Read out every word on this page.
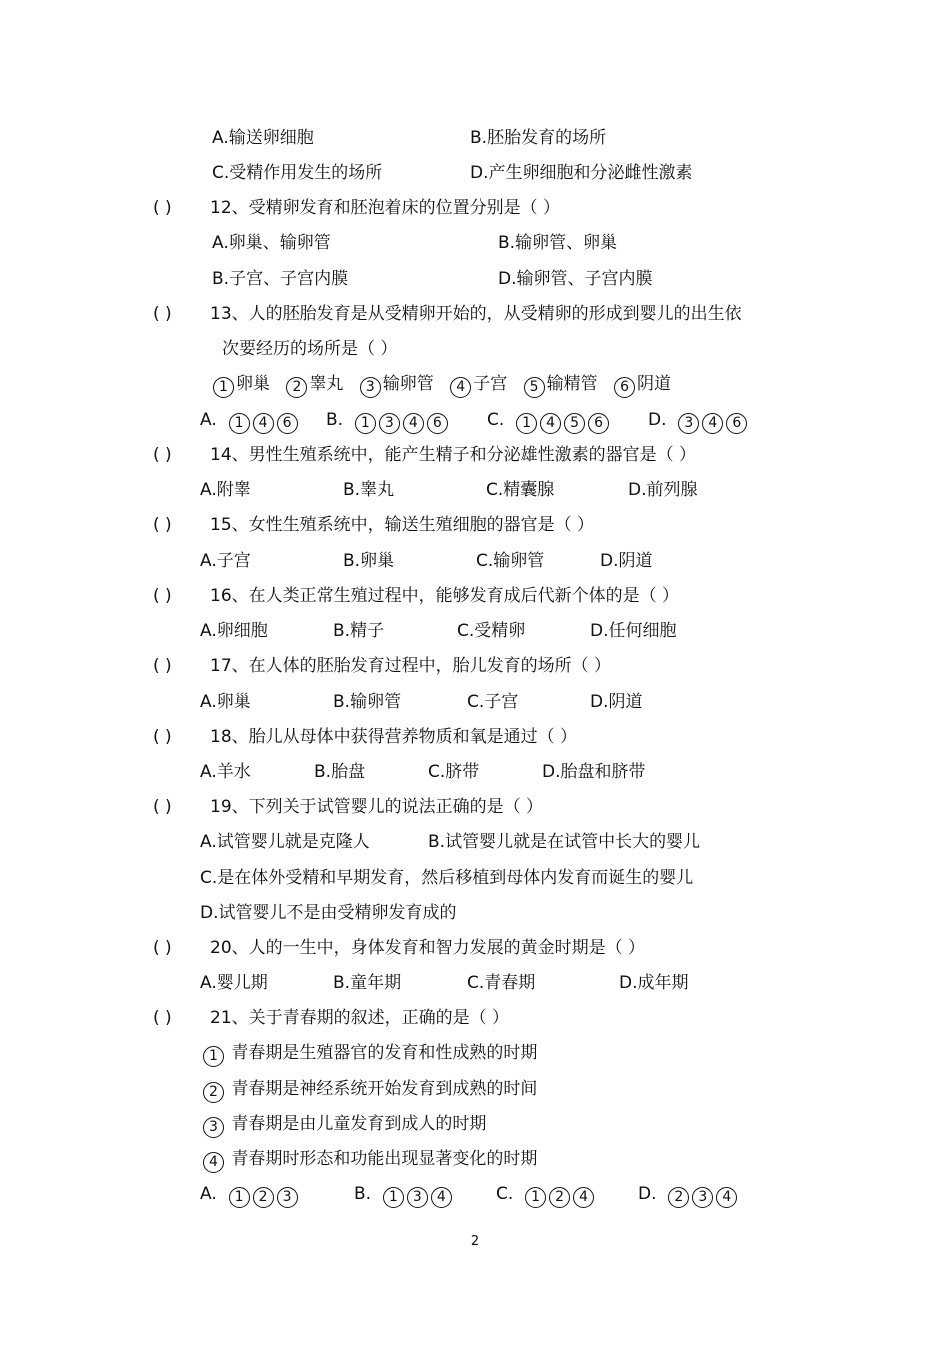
A.输送卵细胞	B.胚胎发育的场所
C.受精作用发生的场所	D.产生卵细胞和分泌雌性激素
( ) 12、受精卵发育和胚泡着床的位置分别是（ ）
A.卵巢、输卵管	B.输卵管、卵巢
B.子宫、子宫内膜	D.输卵管、子宫内膜
( ) 13、人的胚胎发育是从受精卵开始的，从受精卵的形成到婴儿的出生依
次要经历的场所是（ ）
1 卵巢 2 睾丸 3 输卵管 4 子宫 5 输精管 6 阴道
A. 1 4 6	B. 1 3 4 6	C. 1 4 5 6	D. 3 4 6
( ) 14、男性生殖系统中，能产生精子和分泌雄性激素的器官是（ ）
A.附睾	B.睾丸	C.精囊腺	D.前列腺
( ) 15、女性生殖系统中，输送生殖细胞的器官是（ ）
A.子宫	B.卵巢	C.输卵管	D.阴道
( ) 16、在人类正常生殖过程中，能够发育成后代新个体的是（ ）
A.卵细胞	B.精子	C.受精卵	D.任何细胞
( ) 17、在人体的胚胎发育过程中，胎儿发育的场所（ ）
A.卵巢	B.输卵管	C.子宫	D.阴道
( ) 18、胎儿从母体中获得营养物质和氧是通过（ ）
A.羊水	B.胎盘	C.脐带	D.胎盘和脐带
( ) 19、下列关于试管婴儿的说法正确的是（ ）
A.试管婴儿就是克隆人	B.试管婴儿就是在试管中长大的婴儿
C.是在体外受精和早期发育，然后移植到母体内发育而诞生的婴儿
D.试管婴儿不是由受精卵发育成的
( ) 20、人的一生中，身体发育和智力发展的黄金时期是（ ）
A.婴儿期	B.童年期	C.青春期	D.成年期
( ) 21、关于青春期的叙述，正确的是（ ）
1 青春期是生殖器官的发育和性成熟的时期
2 青春期是神经系统开始发育到成熟的时间
3 青春期是由儿童发育到成人的时期
4 青春期时形态和功能出现显著变化的时期
A. 1 2 3	B. 1 3 4	C. 1 2 4	D. 2 3 4
2
